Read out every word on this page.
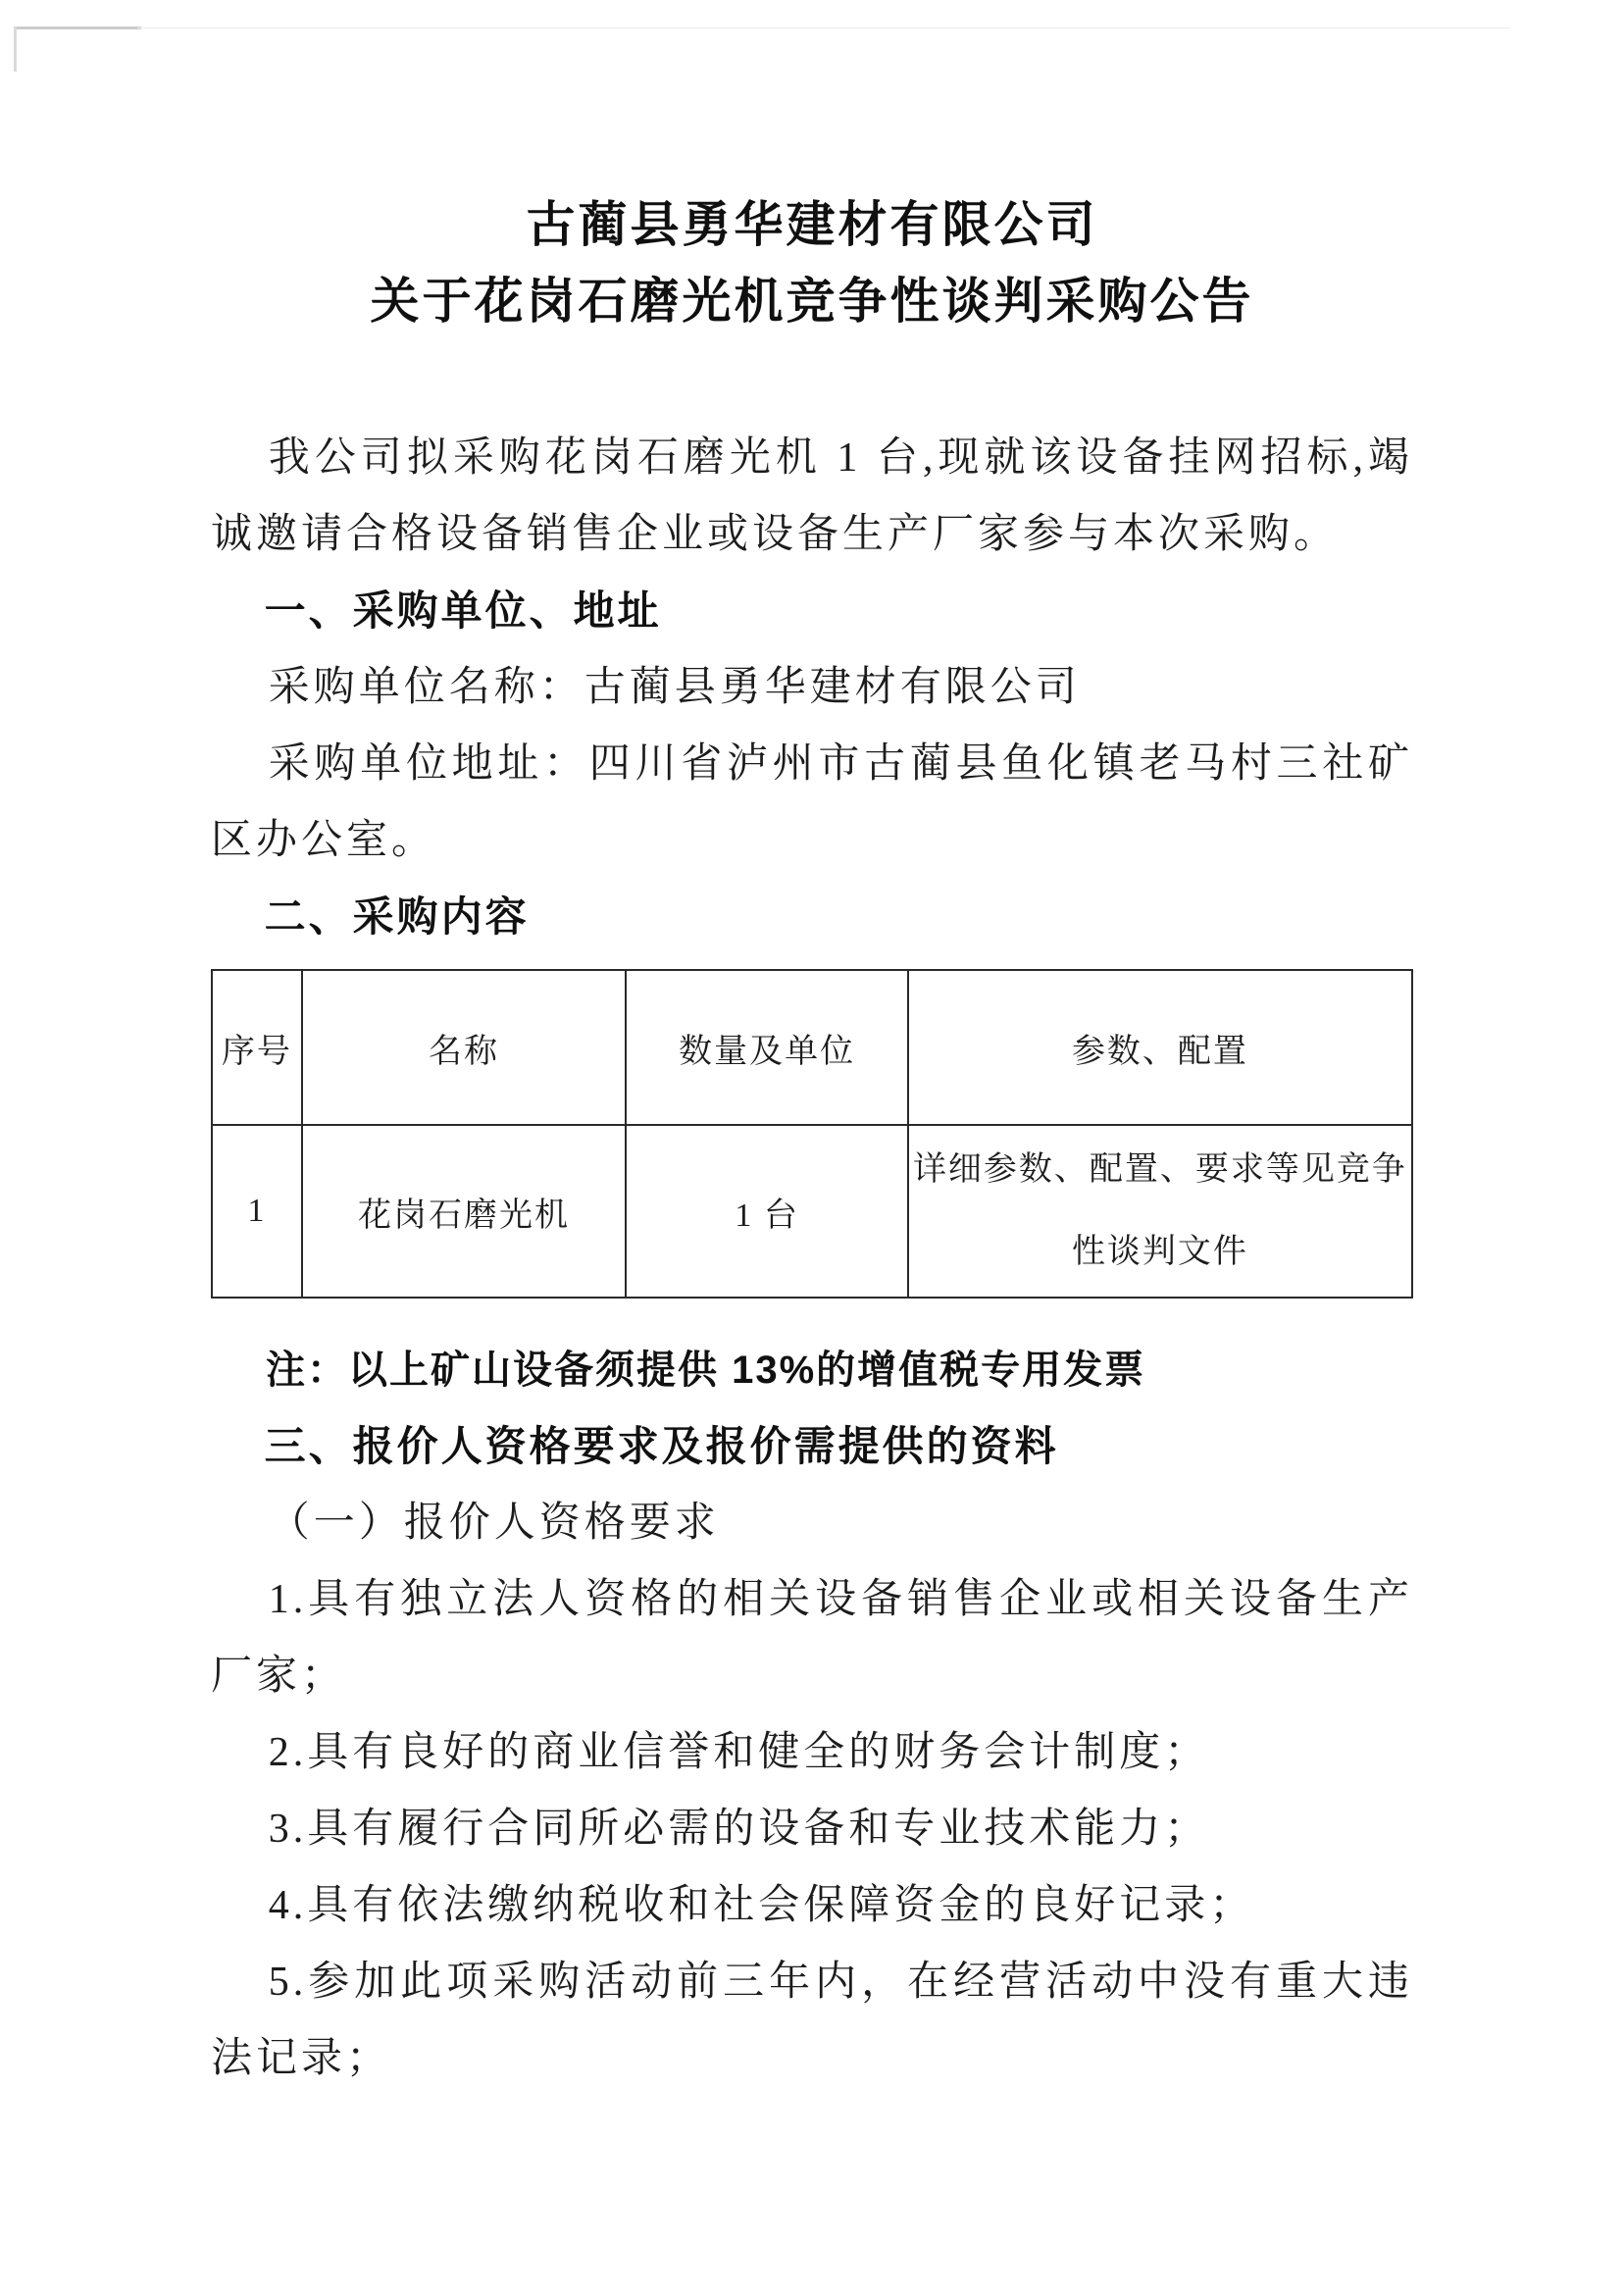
古蔺县勇华建材有限公司
关于花岗石磨光机竞争性谈判采购公告

我公司拟采购花岗石磨光机 1 台,现就该设备挂网招标,竭诚邀请合格设备销售企业或设备生产厂家参与本次采购。

一、采购单位、地址

采购单位名称：古蔺县勇华建材有限公司

采购单位地址：四川省泸州市古蔺县鱼化镇老马村三社矿区办公室。

二、采购内容

序号	名称	数量及单位	参数、配置
1	花岗石磨光机	1 台	详细参数、配置、要求等见竞争性谈判文件

注：以上矿山设备须提供 13%的增值税专用发票

三、报价人资格要求及报价需提供的资料

（一）报价人资格要求

1.具有独立法人资格的相关设备销售企业或相关设备生产厂家；

2.具有良好的商业信誉和健全的财务会计制度；

3.具有履行合同所必需的设备和专业技术能力；

4.具有依法缴纳税收和社会保障资金的良好记录；

5.参加此项采购活动前三年内，在经营活动中没有重大违法记录；
